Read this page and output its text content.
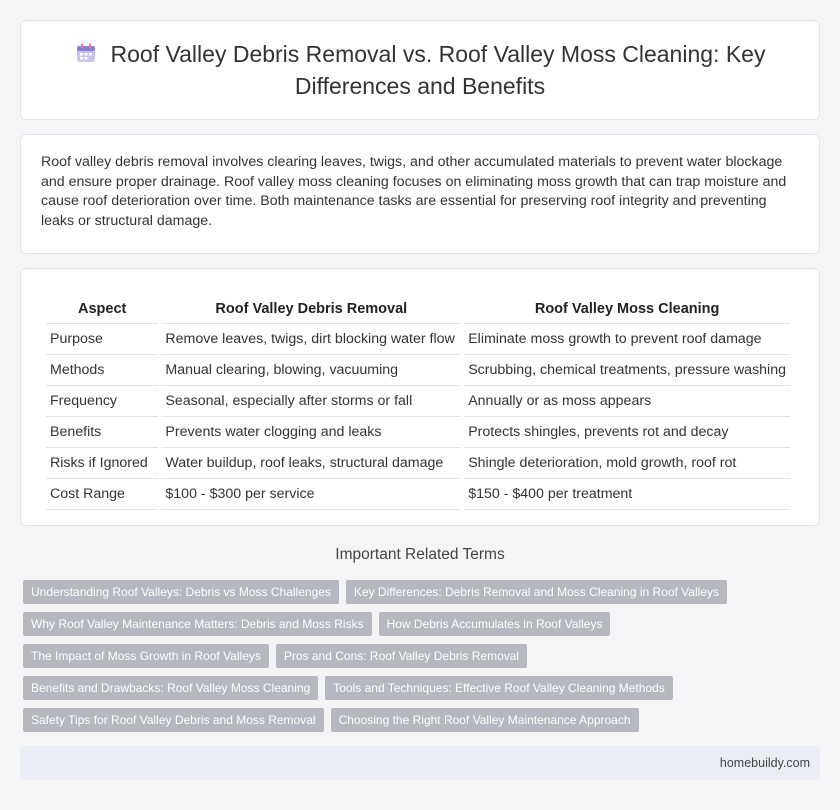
Roof Valley Debris Removal vs. Roof Valley Moss Cleaning: Key Differences and Benefits
Roof valley debris removal involves clearing leaves, twigs, and other accumulated materials to prevent water blockage and ensure proper drainage. Roof valley moss cleaning focuses on eliminating moss growth that can trap moisture and cause roof deterioration over time. Both maintenance tasks are essential for preserving roof integrity and preventing leaks or structural damage.
Aspect	Roof Valley Debris Removal	Roof Valley Moss Cleaning
Purpose	Remove leaves, twigs, dirt blocking water flow	Eliminate moss growth to prevent roof damage
Methods	Manual clearing, blowing, vacuuming	Scrubbing, chemical treatments, pressure washing
Frequency	Seasonal, especially after storms or fall	Annually or as moss appears
Benefits	Prevents water clogging and leaks	Protects shingles, prevents rot and decay
Risks if Ignored	Water buildup, roof leaks, structural damage	Shingle deterioration, mold growth, roof rot
Cost Range	$100 - $300 per service	$150 - $400 per treatment
Important Related Terms
Understanding Roof Valleys: Debris vs Moss Challenges	Key Differences: Debris Removal and Moss Cleaning in Roof Valleys
Why Roof Valley Maintenance Matters: Debris and Moss Risks	How Debris Accumulates in Roof Valleys
The Impact of Moss Growth in Roof Valleys	Pros and Cons: Roof Valley Debris Removal
Benefits and Drawbacks: Roof Valley Moss Cleaning	Tools and Techniques: Effective Roof Valley Cleaning Methods
Safety Tips for Roof Valley Debris and Moss Removal	Choosing the Right Roof Valley Maintenance Approach
homebuildy.com
